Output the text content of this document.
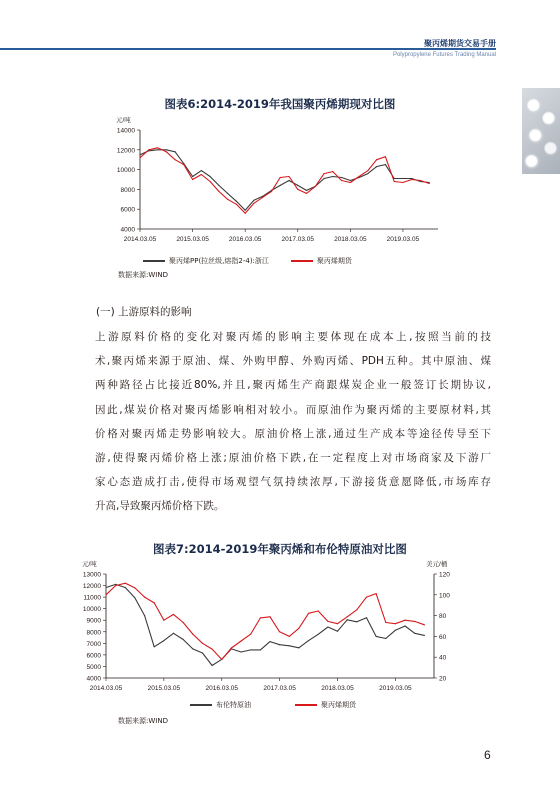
聚丙烯期货交易手册
Polypropylene Futures Trading Manual
图表6:2014-2019年我国聚丙烯期现对比图
4000
6000
8000
10000
12000
14000
元/吨
2014.03.05	2015.03.05	2016.03.05	2017.03.05	2018.03.05	2019.03.05
聚丙烯PP(拉丝级,熔指2-4):浙江	聚丙烯期货
数据来源:WIND
(一) 上游原料的影响
上游原料价格的变化对聚丙烯的影响主要体现在成本上,按照当前的技
术,聚丙烯来源于原油、煤、外购甲醇、外购丙烯、PDH五种。其中原油、煤
两种路径占比接近80%,并且,聚丙烯生产商跟煤炭企业一般签订长期协议,
因此,煤炭价格对聚丙烯影响相对较小。而原油作为聚丙烯的主要原材料,其
价格对聚丙烯走势影响较大。原油价格上涨,通过生产成本等途径传导至下
游,使得聚丙烯价格上涨;原油价格下跌,在一定程度上对市场商家及下游厂
家心态造成打击,使得市场观望气氛持续浓厚,下游接货意愿降低,市场库存
升高,导致聚丙烯价格下跌。
图表7:2014-2019年聚丙烯和布伦特原油对比图
4000
5000
6000
7000
8000
9000
10000
11000
12000
13000
20
40
60
80
100
120
元/吨	美元/桶
2014.03.05	2015.03.05	2016.03.05	2017.03.05	2018.03.05	2019.03.05
布伦特原油	聚丙烯期货
数据来源:WIND
6
